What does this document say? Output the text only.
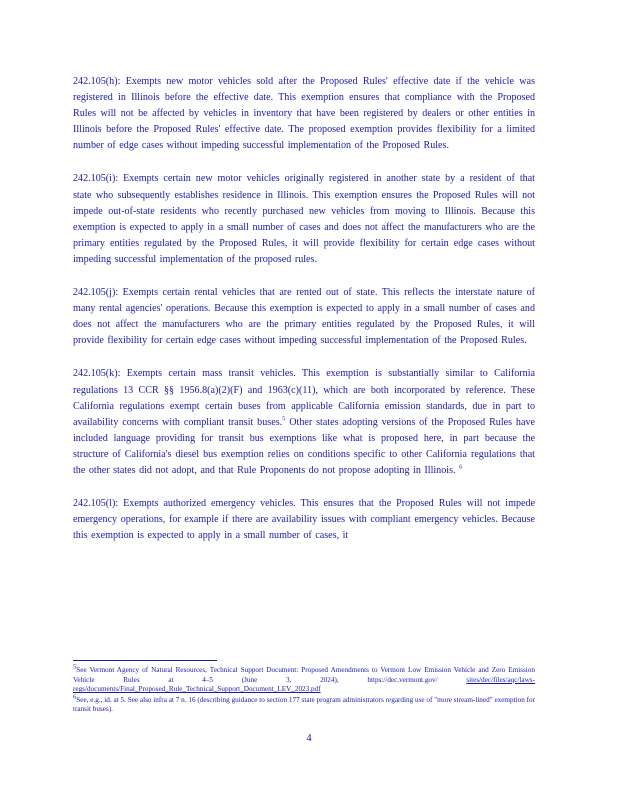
242.105(h): Exempts new motor vehicles sold after the Proposed Rules' effective date if the vehicle was registered in Illinois before the effective date. This exemption ensures that compliance with the Proposed Rules will not be affected by vehicles in inventory that have been registered by dealers or other entities in Illinois before the Proposed Rules' effective date. The proposed exemption provides flexibility for a limited number of edge cases without impeding successful implementation of the Proposed Rules.

242.105(i): Exempts certain new motor vehicles originally registered in another state by a resident of that state who subsequently establishes residence in Illinois. This exemption ensures the Proposed Rules will not impede out-of-state residents who recently purchased new vehicles from moving to Illinois. Because this exemption is expected to apply in a small number of cases and does not affect the manufacturers who are the primary entities regulated by the Proposed Rules, it will provide flexibility for certain edge cases without impeding successful implementation of the proposed rules.

242.105(j): Exempts certain rental vehicles that are rented out of state. This reflects the interstate nature of many rental agencies' operations. Because this exemption is expected to apply in a small number of cases and does not affect the manufacturers who are the primary entities regulated by the Proposed Rules, it will provide flexibility for certain edge cases without impeding successful implementation of the Proposed Rules.

242.105(k): Exempts certain mass transit vehicles. This exemption is substantially similar to California regulations 13 CCR §§ 1956.8(a)(2)(F) and 1963(c)(11), which are both incorporated by reference. These California regulations exempt certain buses from applicable California emission standards, due in part to availability concerns with compliant transit buses.$^5$ Other states adopting versions of the Proposed Rules have included language providing for transit bus exemptions like what is proposed here, in part because the structure of California's diesel bus exemption relies on conditions specific to other California regulations that the other states did not adopt, and that Rule Proponents do not propose adopting in Illinois. $^6$

242.105(l): Exempts authorized emergency vehicles. This ensures that the Proposed Rules will not impede emergency operations, for example if there are availability issues with compliant emergency vehicles. Because this exemption is expected to apply in a small number of cases, it

$^5$See Vermont Agency of Natural Resources, Technical Support Document: Proposed Amendments to Vermont Low Emission Vehicle and Zero Emission Vehicle Rules at 4–5 (June 3, 2024), https://dec.vermont.gov/	sites/dec/files/aqc/laws-regs/documents/Final_Proposed_Rule_Technical_Support_Document_LEV_2023.pdf

$^6$See, e.g., id. at 5. See also infra at 7 n. 16 (describing guidance to section 177 state program administrators regarding use of "more stream-lined" exemption for transit buses).

4
